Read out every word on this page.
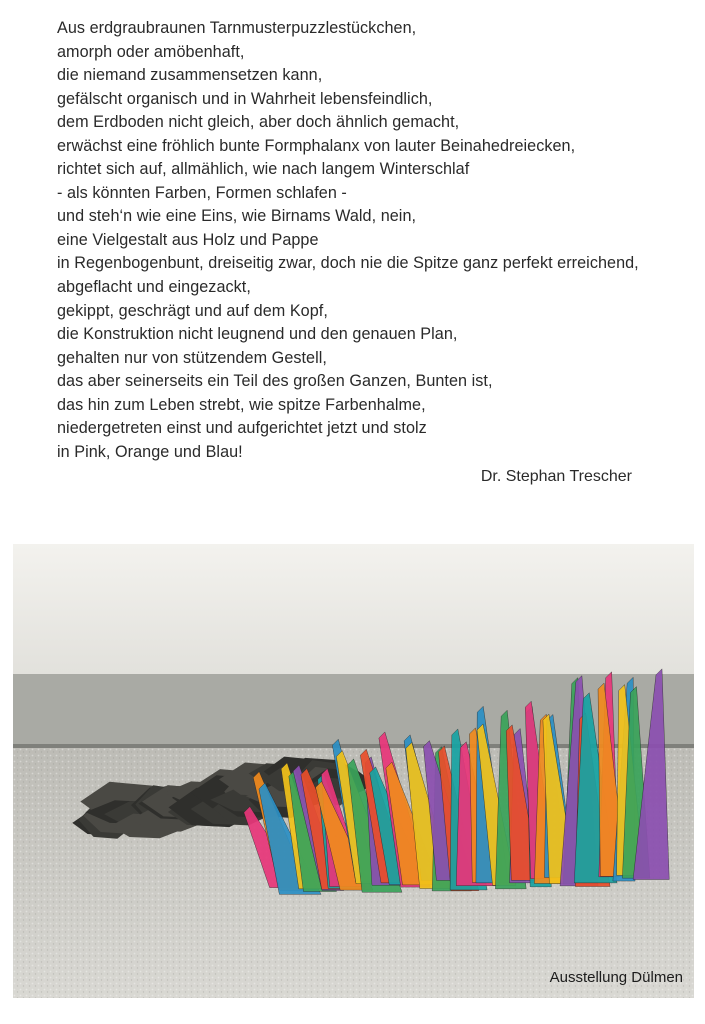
Aus erdgraubraunen Tarnmusterpuzzlestückchen,
amorph oder amöbenhaft,
die niemand zusammensetzen kann,
gefälscht organisch und in Wahrheit lebensfeindlich,
dem Erdboden nicht gleich, aber doch ähnlich gemacht,
erwächst eine fröhlich bunte Formphalanx von lauter Beinahedreiecken,
richtet sich auf, allmählich, wie nach langem Winterschlaf
- als könnten Farben, Formen schlafen -
und steh‘n wie eine Eins, wie Birnams Wald, nein,
eine Vielgestalt aus Holz und Pappe
in Regenbogenbunt, dreiseitig zwar, doch nie die Spitze ganz perfekt erreichend,
abgeflacht und eingezackt,
gekippt, geschrägt und auf dem Kopf,
die Konstruktion nicht leugnend und den genauen Plan,
gehalten nur von stützendem Gestell,
das aber seinerseits ein Teil des großen Ganzen, Bunten ist,
das hin zum Leben strebt, wie spitze Farbenhalme,
niedergetreten einst und aufgerichtet jetzt und stolz
in Pink, Orange und Blau!
Dr. Stephan Trescher
Ausstellung Dülmen
